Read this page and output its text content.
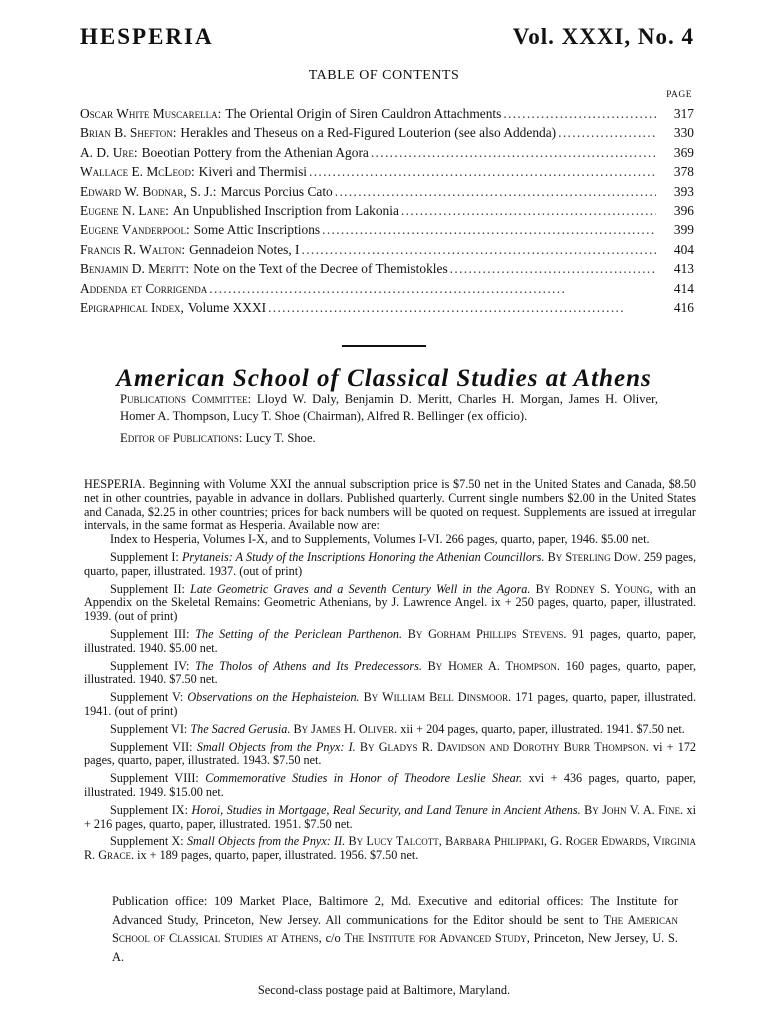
HESPERIA	Vol. XXXI, No. 4
TABLE OF CONTENTS
PAGE
Oscar White Muscarella: The Oriental Origin of Siren Cauldron Attachments . . .	317
Brian B. Shefton: Herakles and Theseus on a Red-Figured Louterion (see also Addenda) . . .	330
A. D. Ure: Boeotian Pottery from the Athenian Agora . . .	369
Wallace E. McLeod: Kiveri and Thermisi . . .	378
Edward W. Bodnar, S. J.: Marcus Porcius Cato . . .	393
Eugene N. Lane: An Unpublished Inscription from Lakonia . . .	396
Eugene Vanderpool: Some Attic Inscriptions . . .	399
Francis R. Walton: Gennadeion Notes, I . . .	404
Benjamin D. Meritt: Note on the Text of the Decree of Themistokles . . .	413
Addenda et Corrigenda . . .	414
Epigraphical Index, Volume XXXI . . .	416
American School of Classical Studies at Athens
Publications Committee: Lloyd W. Daly, Benjamin D. Meritt, Charles H. Morgan, James H. Oliver, Homer A. Thompson, Lucy T. Shoe (Chairman), Alfred R. Bellinger (ex officio).
Editor of Publications: Lucy T. Shoe.

HESPERIA. Beginning with Volume XXI the annual subscription price is $7.50 net in the United States and Canada, $8.50 net in other countries, payable in advance in dollars. Published quarterly. Current single numbers $2.00 in the United States and Canada, $2.25 in other countries; prices for back numbers will be quoted on request. Supplements are issued at irregular intervals, in the same format as Hesperia. Available now are:

Index to Hesperia, Volumes I-X, and to Supplements, Volumes I-VI. 266 pages, quarto, paper, 1946. $5.00 net.

Supplement I: Prytaneis: A Study of the Inscriptions Honoring the Athenian Councillors. By Sterling Dow. 259 pages, quarto, paper, illustrated. 1937. (out of print)

Supplement II: Late Geometric Graves and a Seventh Century Well in the Agora. By Rodney S. Young, with an Appendix on the Skeletal Remains: Geometric Athenians, by J. Lawrence Angel. ix + 250 pages, quarto, paper, illustrated. 1939. (out of print)

Supplement III: The Setting of the Periclean Parthenon. By Gorham Phillips Stevens. 91 pages, quarto, paper, illustrated. 1940. $5.00 net.

Supplement IV: The Tholos of Athens and Its Predecessors. By Homer A. Thompson. 160 pages, quarto, paper, illustrated. 1940. $7.50 net.

Supplement V: Observations on the Hephaisteion. By William Bell Dinsmoor. 171 pages, quarto, paper, illustrated. 1941. (out of print)

Supplement VI: The Sacred Gerusia. By James H. Oliver. xii + 204 pages, quarto, paper, illustrated. 1941. $7.50 net.

Supplement VII: Small Objects from the Pnyx: I. By Gladys R. Davidson and Dorothy Burr Thompson. vi + 172 pages, quarto, paper, illustrated. 1943. $7.50 net.

Supplement VIII: Commemorative Studies in Honor of Theodore Leslie Shear. xvi + 436 pages, quarto, paper, illustrated. 1949. $15.00 net.

Supplement IX: Horoi, Studies in Mortgage, Real Security, and Land Tenure in Ancient Athens. By John V. A. Fine. xi + 216 pages, quarto, paper, illustrated. 1951. $7.50 net.

Supplement X: Small Objects from the Pnyx: II. By Lucy Talcott, Barbara Philippaki, G. Roger Edwards, Virginia R. Grace. ix + 189 pages, quarto, paper, illustrated. 1956. $7.50 net.

Publication office: 109 Market Place, Baltimore 2, Md. Executive and editorial offices: The Institute for Advanced Study, Princeton, New Jersey. All communications for the Editor should be sent to The American School of Classical Studies at Athens, c/o The Institute for Advanced Study, Princeton, New Jersey, U. S. A.
Second-class postage paid at Baltimore, Maryland.
